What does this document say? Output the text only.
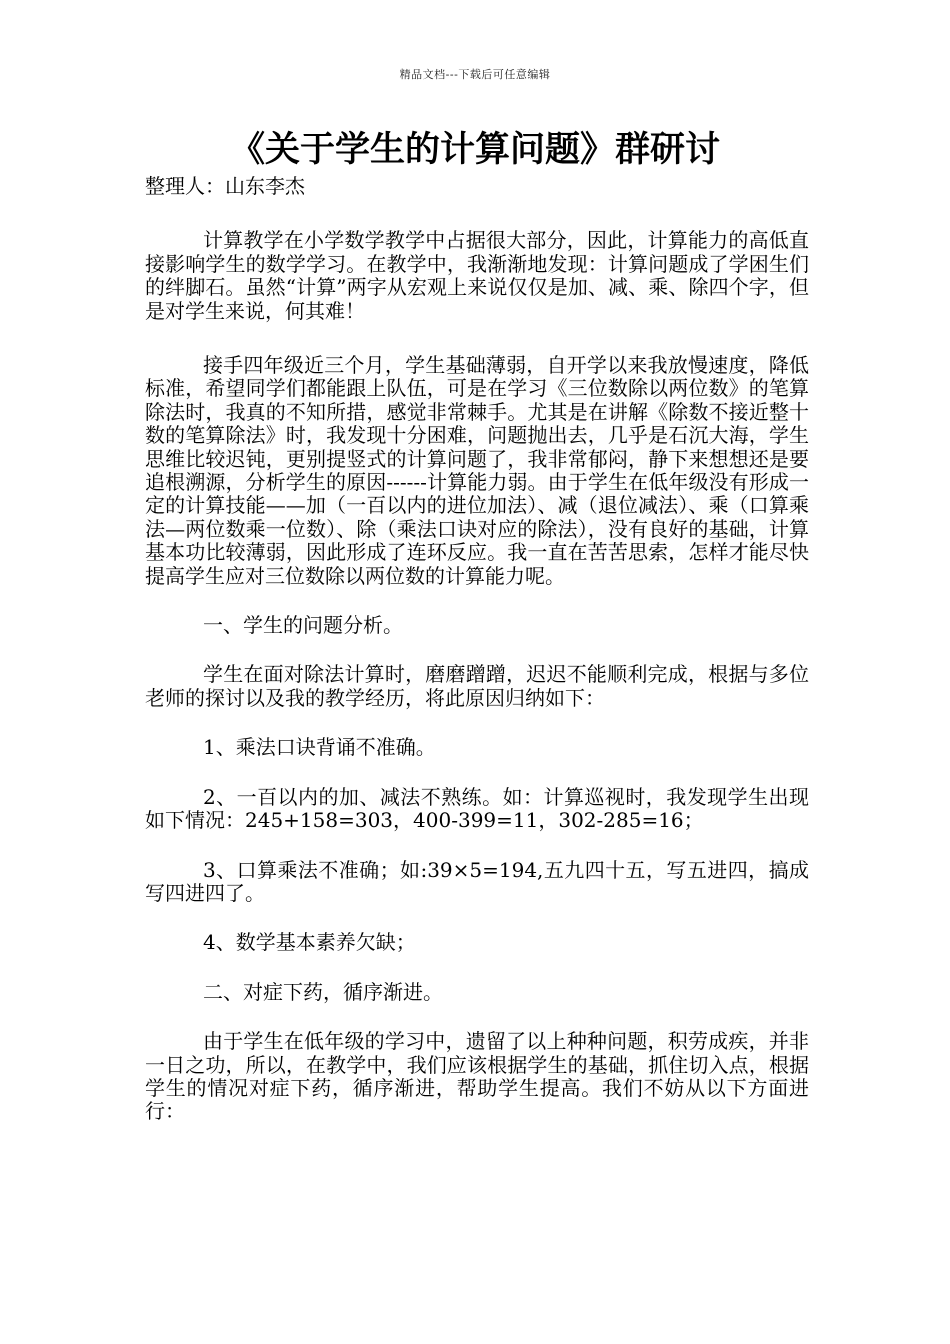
精品文档---下载后可任意编辑
《关于学生的计算问题》群研讨

整理人：山东李杰

计算教学在小学数学教学中占据很大部分，因此，计算能力的高低直接影响学生的数学学习。在教学中，我渐渐地发现：计算问题成了学困生们的绊脚石。虽然“计算”两字从宏观上来说仅仅是加、减、乘、除四个字，但是对学生来说，何其难！

接手四年级近三个月，学生基础薄弱，自开学以来我放慢速度，降低标准，希望同学们都能跟上队伍，可是在学习《三位数除以两位数》的笔算除法时，我真的不知所措，感觉非常棘手。尤其是在讲解《除数不接近整十数的笔算除法》时，我发现十分困难，问题抛出去，几乎是石沉大海，学生思维比较迟钝，更别提竖式的计算问题了，我非常郁闷，静下来想想还是要追根溯源，分析学生的原因------计算能力弱。由于学生在低年级没有形成一定的计算技能——加（一百以内的进位加法）、减（退位减法）、乘（口算乘法—两位数乘一位数）、除（乘法口诀对应的除法），没有良好的基础，计算基本功比较薄弱，因此形成了连环反应。我一直在苦苦思索，怎样才能尽快提高学生应对三位数除以两位数的计算能力呢。

一、学生的问题分析。

学生在面对除法计算时，磨磨蹭蹭，迟迟不能顺利完成，根据与多位老师的探讨以及我的教学经历，将此原因归纳如下：

1、乘法口诀背诵不准确。

2、一百以内的加、减法不熟练。如：计算巡视时，我发现学生出现如下情况：245+158=303，400-399=11，302-285=16；

3、口算乘法不准确；如:39×5=194,五九四十五，写五进四，搞成写四进四了。

4、数学基本素养欠缺；

二、对症下药，循序渐进。

由于学生在低年级的学习中，遗留了以上种种问题，积劳成疾，并非一日之功，所以，在教学中，我们应该根据学生的基础，抓住切入点，根据学生的情况对症下药，循序渐进，帮助学生提高。我们不妨从以下方面进行：
